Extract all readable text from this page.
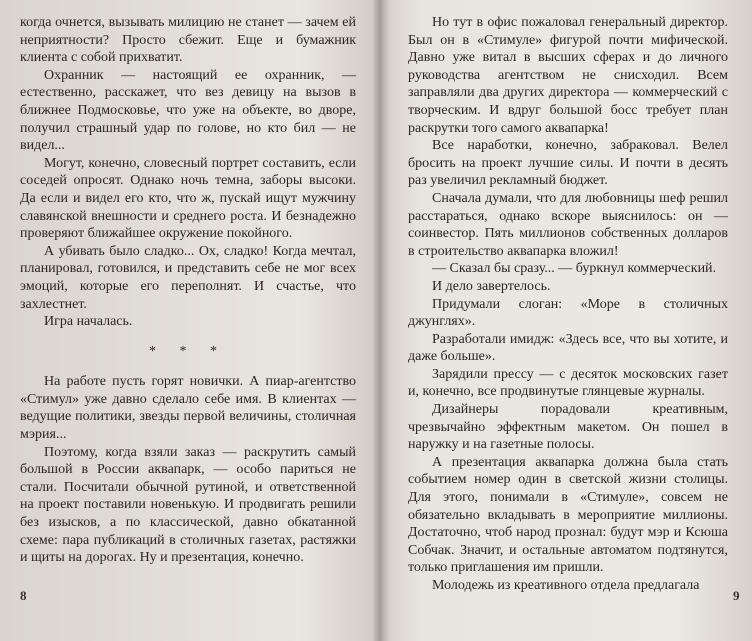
когда очнется, вызывать милицию не станет — зачем ей неприятности? Просто сбежит. Еще и бумажник клиента с собой прихватит.

Охранник — настоящий ее охранник, — естественно, расскажет, что вез девицу на вызов в ближнее Подмосковье, что уже на объекте, во дворе, получил страшный удар по голове, но кто бил — не видел...

Могут, конечно, словесный портрет составить, если соседей опросят. Однако ночь темна, заборы высоки. Да если и видел его кто, что ж, пускай ищут мужчину славянской внешности и среднего роста. И безнадежно проверяют ближайшее окружение покойного.

А убивать было сладко... Ох, сладко! Когда мечтал, планировал, готовился, и представить себе не мог всех эмоций, которые его переполнят. И счастье, что захлестнет.

Игра началась.

* * *

На работе пусть горят новички. А пиар-агентство «Стимул» уже давно сделало себе имя. В клиентах — ведущие политики, звезды первой величины, столичная мэрия...

Поэтому, когда взяли заказ — раскрутить самый большой в России аквапарк, — особо париться не стали. Посчитали обычной рутиной, и ответственной на проект поставили новенькую. И продвигать решили без изысков, а по классической, давно обкатанной схеме: пара публикаций в столичных газетах, растяжки и щиты на дорогах. Ну и презентация, конечно.

8

Но тут в офис пожаловал генеральный директор. Был он в «Стимуле» фигурой почти мифической. Давно уже витал в высших сферах и до личного руководства агентством не снисходил. Всем заправляли два других директора — коммерческий с творческим. И вдруг большой босс требует план раскрутки того самого аквапарка!

Все наработки, конечно, забраковал. Велел бросить на проект лучшие силы. И почти в десять раз увеличил рекламный бюджет.

Сначала думали, что для любовницы шеф решил расстараться, однако вскоре выяснилось: он — соинвестор. Пять миллионов собственных долларов в строительство аквапарка вложил!

— Сказал бы сразу... — буркнул коммерческий.

И дело завертелось.

Придумали слоган: «Море в столичных джунглях».

Разработали имидж: «Здесь все, что вы хотите, и даже больше».

Зарядили прессу — с десяток московских газет и, конечно, все продвинутые глянцевые журналы.

Дизайнеры порадовали креативным, чрезвычайно эффектным макетом. Он пошел в наружку и на газетные полосы.

А презентация аквапарка должна была стать событием номер один в светской жизни столицы. Для этого, понимали в «Стимуле», совсем не обязательно вкладывать в мероприятие миллионы. Достаточно, чтоб народ прознал: будут мэр и Ксюша Собчак. Значит, и остальные автоматом подтянутся, только приглашения им пришли.

Молодежь из креативного отдела предлагала

9
